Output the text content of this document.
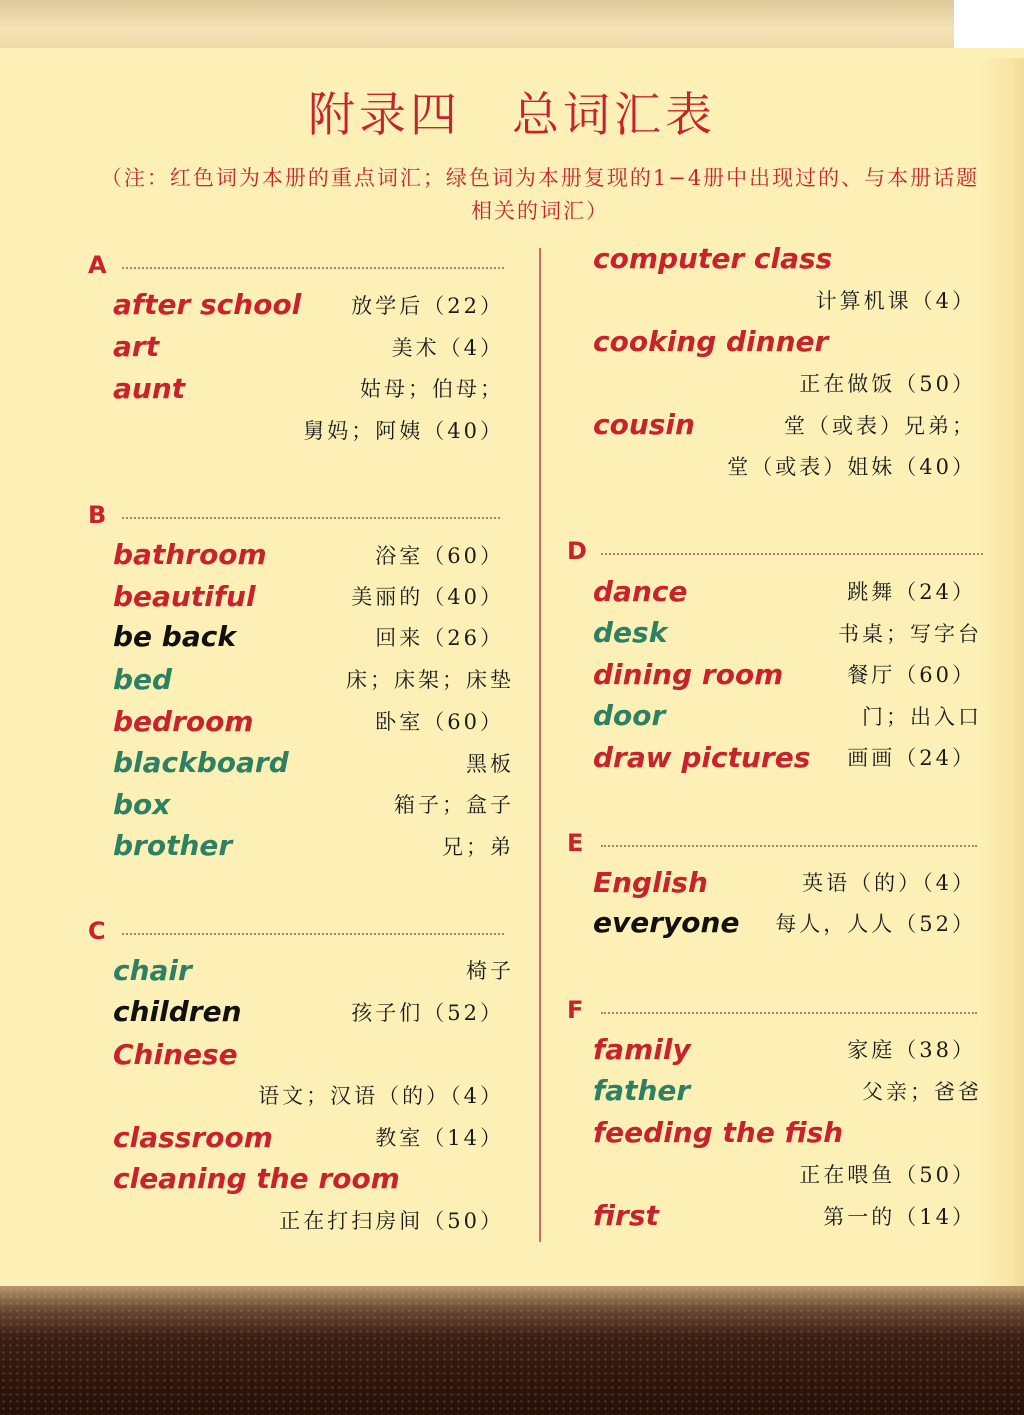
附录四　总词汇表
（注：红色词为本册的重点词汇；绿色词为本册复现的1−4册中出现过的、与本册话题相关的词汇）
A
after school 放学后（22）
art	美术（4）
aunt	姑母；伯母；
舅妈；阿姨（40）
B
bathroom	浴室（60）
beautiful	美丽的（40）
be back	回来（26）
bed	床；床架；床垫
bedroom	卧室（60）
blackboard	黑板
box	箱子；盒子
brother	兄；弟
C
chair	椅子
children	孩子们（52）
Chinese
语文；汉语（的）（4）
classroom	教室（14）
cleaning the room
正在打扫房间（50）
computer class
计算机课（4）
cooking dinner
正在做饭（50）
cousin	堂（或表）兄弟；
堂（或表）姐妹（40）
D
dance	跳舞（24）
desk	书桌；写字台
dining room	餐厅（60）
door	门；出入口
draw pictures 画画（24）
E
English	英语（的）（4）
everyone 每人，人人（52）
F
family	家庭（38）
father	父亲；爸爸
feeding the fish
正在喂鱼（50）
first	第一的（14）
